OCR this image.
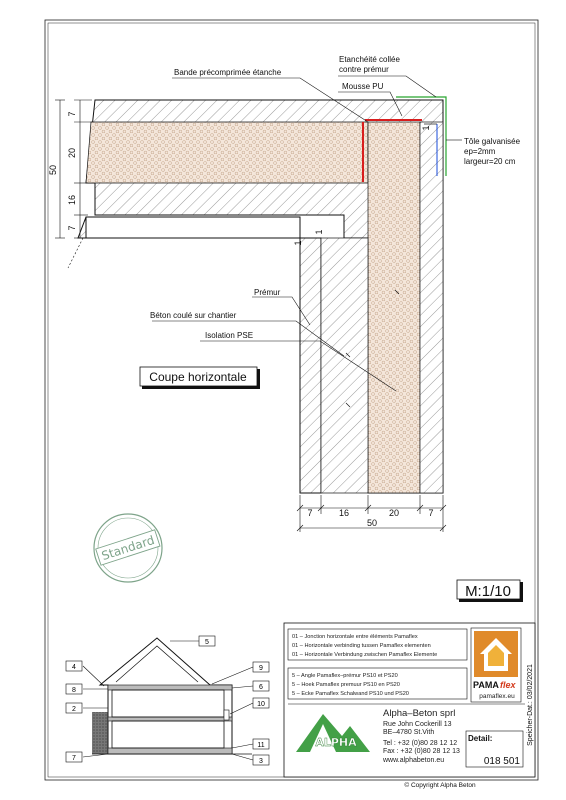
7
20
16
7
50
7	16	20	7
50
1
1
1
Bande précomprimée étanche
Etanchéité collée
contre prémur
Mousse PU
Tôle galvanisée
ep=2mm
largeur=20 cm
Prémur
Béton coulé sur chantier
Isolation PSE
Coupe horizontale
Standard
M:1/10
4
8
2
7
5
9
6
10
11
3
01 – Jonction horizontale entre éléments Pamaflex
01 – Horizontale verbinding tussen Pamaflex elementen
01 – Horizontale Verbindung zwischen Pamaflex Elemente
5 – Angle Pamaflex–prémur PS10 et PS20
5 – Hoek Pamaflex premuur PS10 en PS20
5 – Ecke Pamaflex Schalwand PS10 und PS20
PAMA flex
pamaflex.eu
ALPHA
Alpha–Beton sprl
Rue John Cockerill 13
BE–4780 St.Vith
Tel : +32 (0)80 28 12 12
Fax : +32 (0)80 28 12 13
www.alphabeton.eu
Detail:
018 501
Speicher-Dat.: 03/02/2021
© Copyright Alpha Beton
